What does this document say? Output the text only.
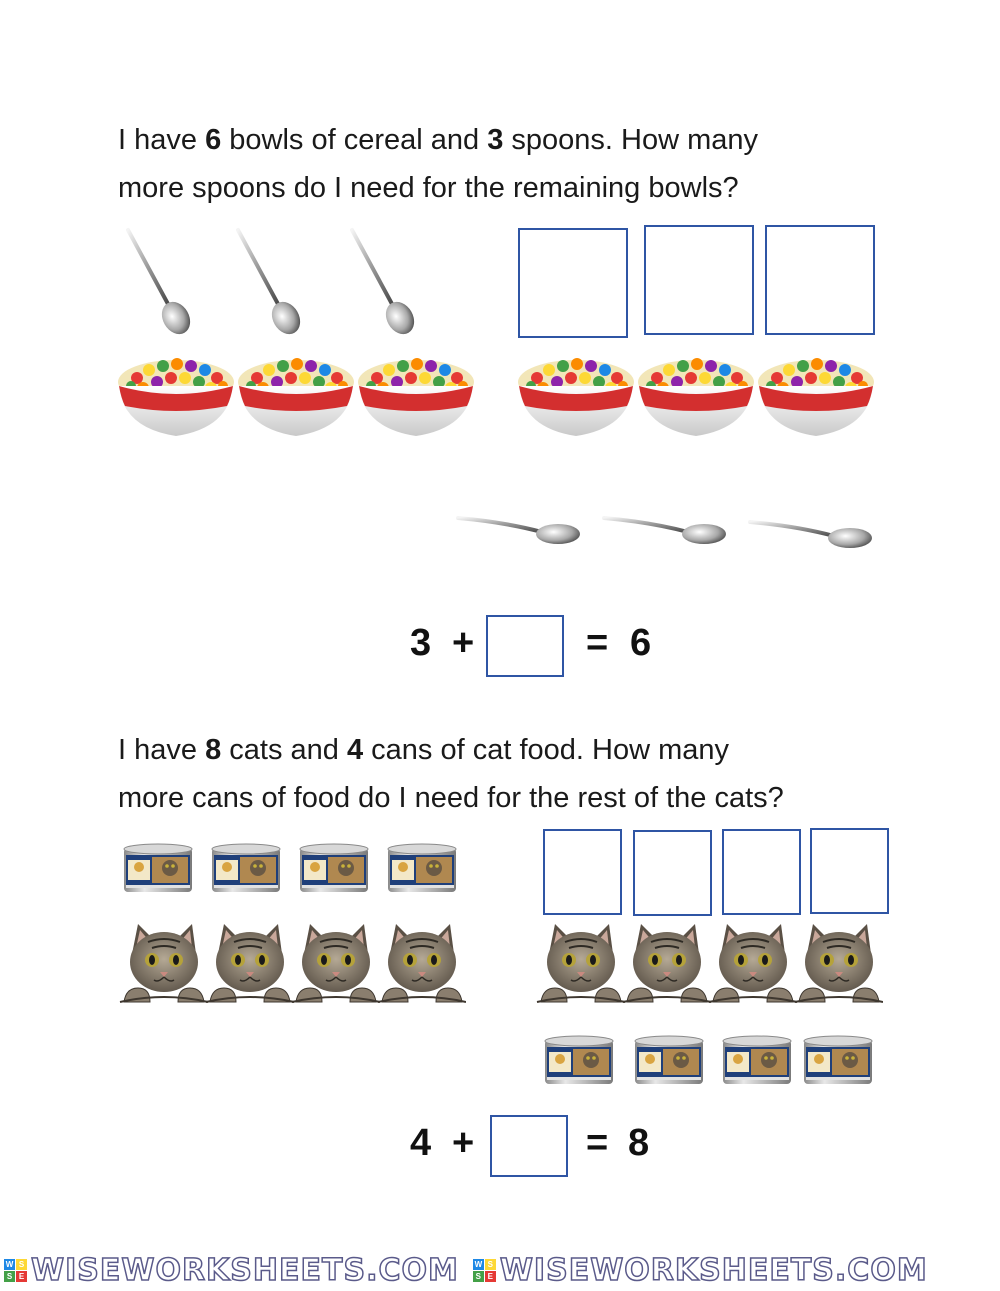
I have 6 bowls of cereal and 3 spoons. How many
more spoons do I need for the remaining bowls?
3 +	= 6
I have 8 cats and 4 cans of cat food. How many
more cans of food do I need for the rest of the cats?
4 +	= 8
W S
S E WISEWORKSHEETS.COM W S
S E WISEWORKSHEETS.COM
